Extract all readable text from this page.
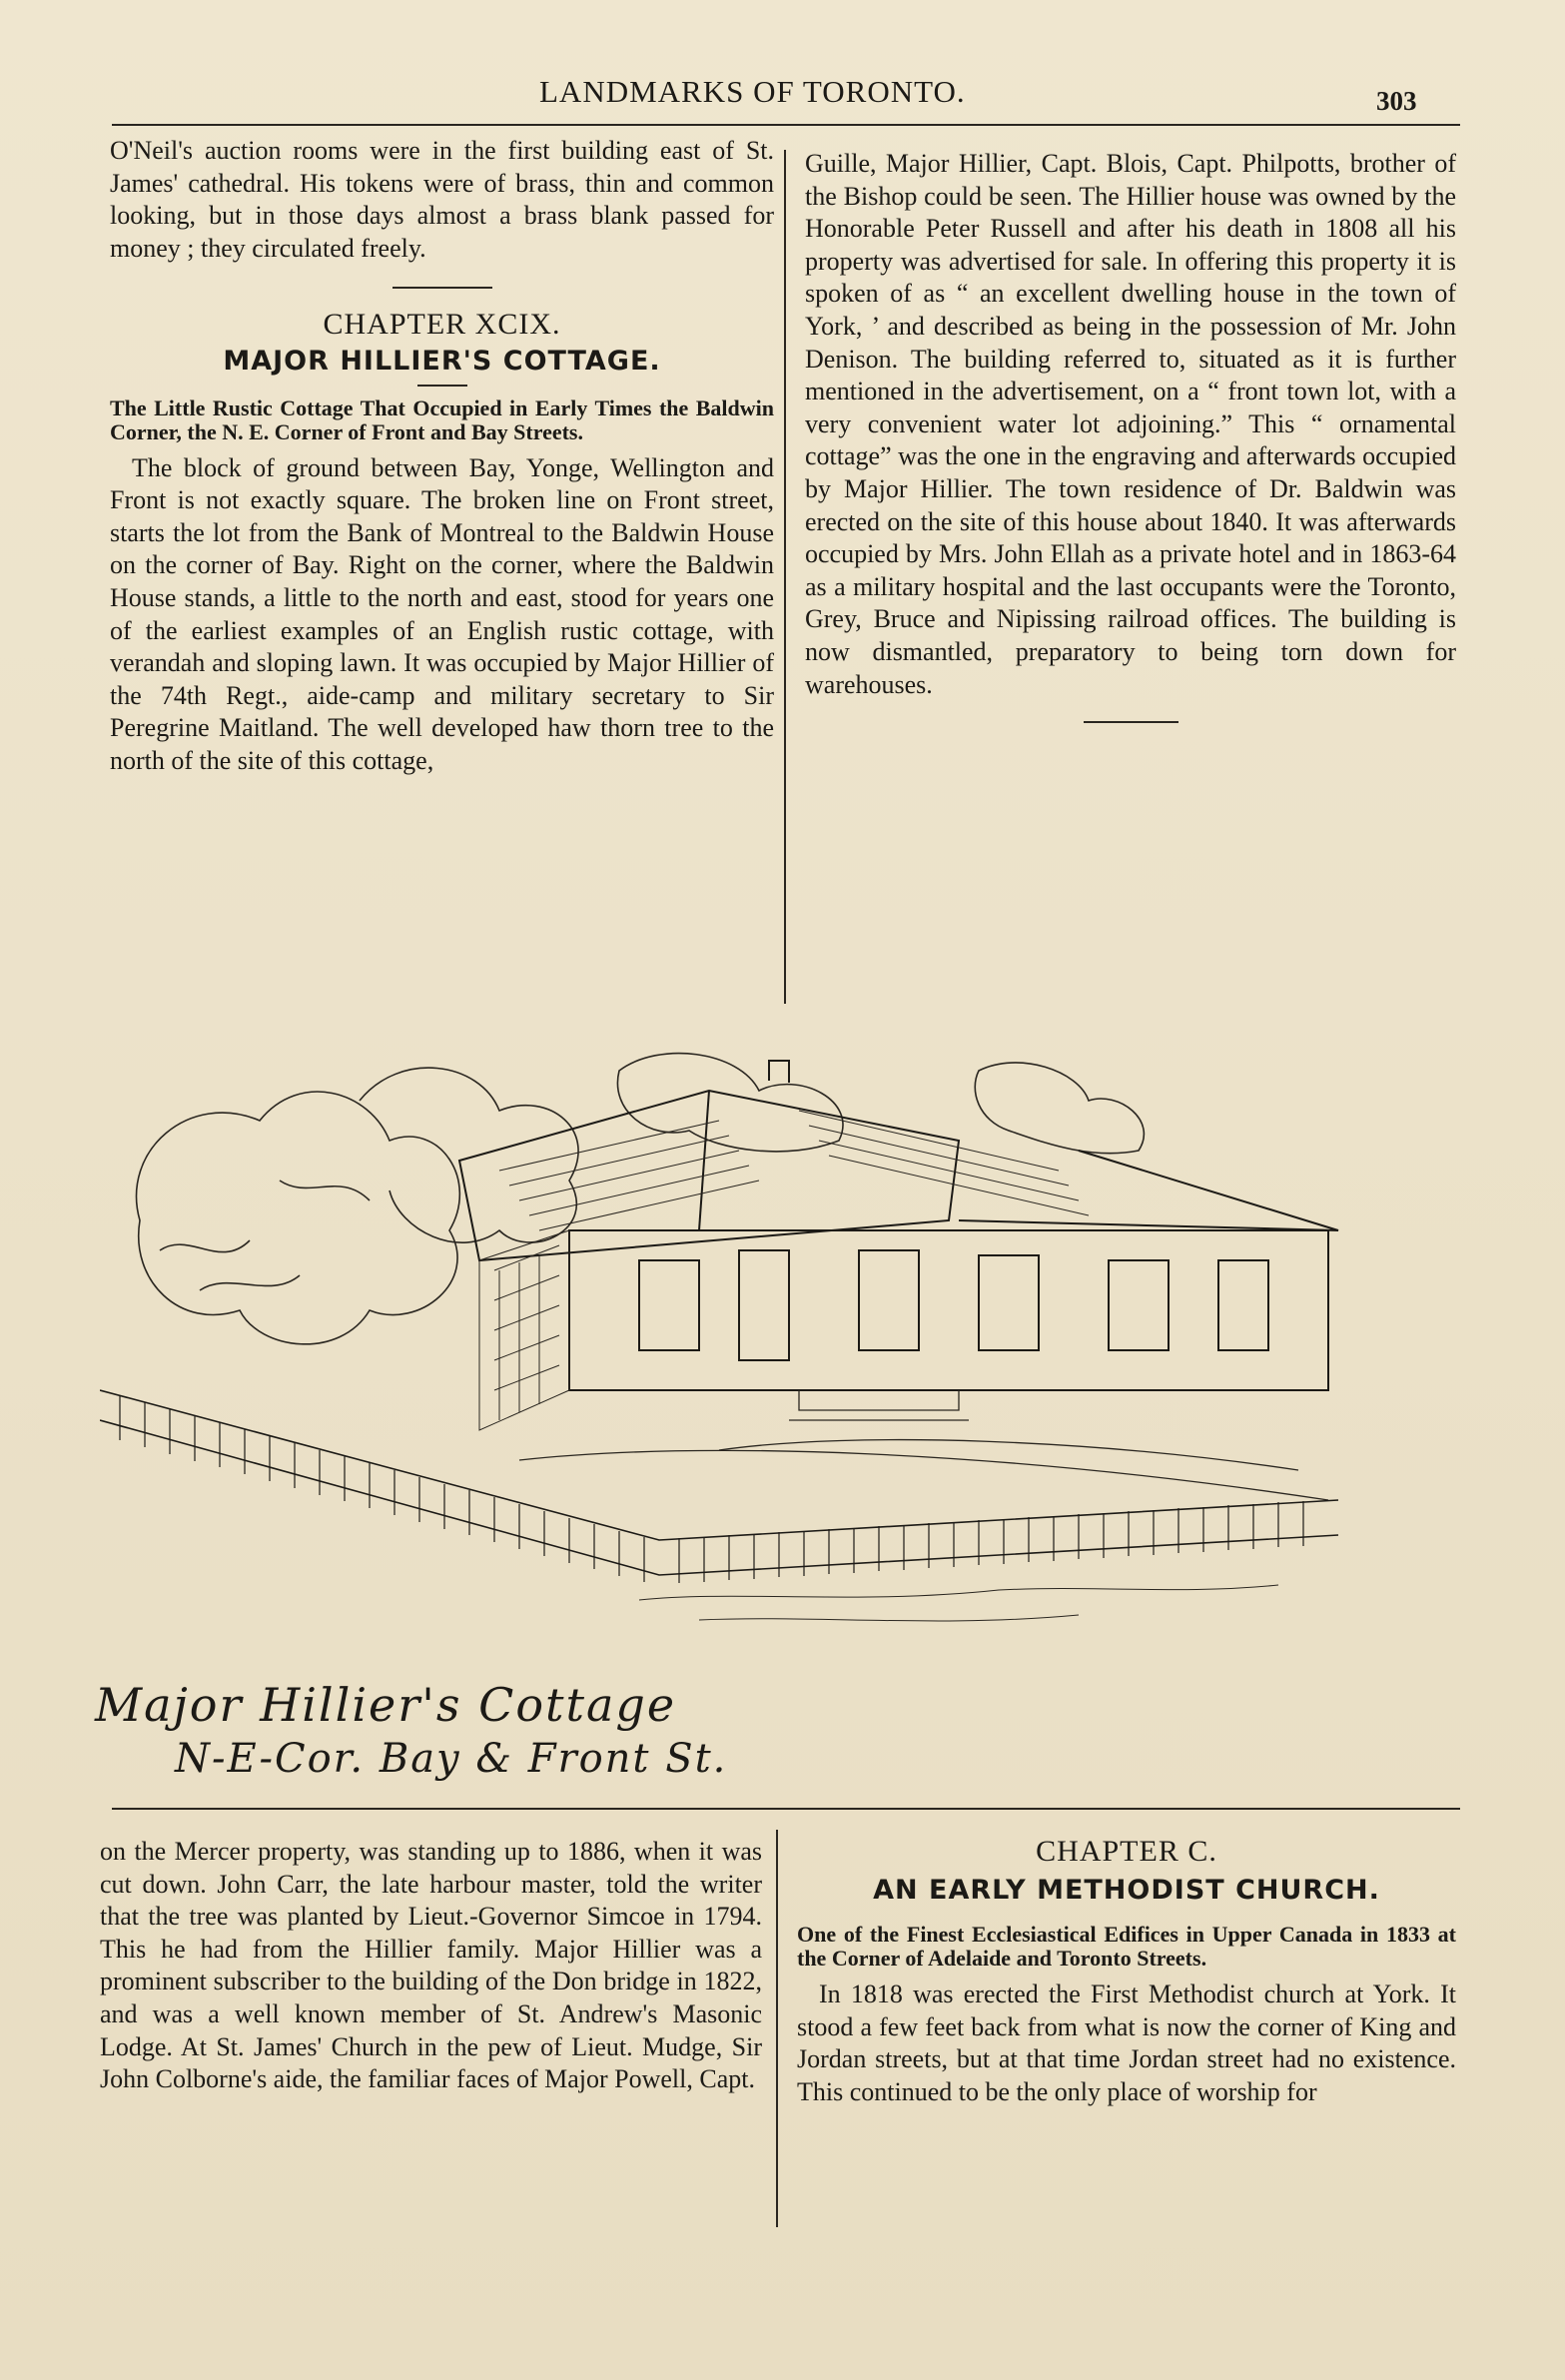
LANDMARKS OF TORONTO.	303

O'Neil's auction rooms were in the first building east of St. James' cathedral. His tokens were of brass, thin and common looking, but in those days almost a brass blank passed for money ; they circulated freely.

CHAPTER XCIX.
MAJOR HILLIER'S COTTAGE.
The Little Rustic Cottage That Occupied in Early Times the Baldwin Corner, the N. E. Corner of Front and Bay Streets.

The block of ground between Bay, Yonge, Wellington and Front is not exactly square. The broken line on Front street, starts the lot from the Bank of Montreal to the Baldwin House on the corner of Bay. Right on the corner, where the Baldwin House stands, a little to the north and east, stood for years one of the earliest examples of an English rustic cottage, with verandah and sloping lawn. It was occupied by Major Hillier of the 74th Regt., aide-camp and military secretary to Sir Peregrine Maitland. The well developed haw thorn tree to the north of the site of this cottage,

Guille, Major Hillier, Capt. Blois, Capt. Philpotts, brother of the Bishop could be seen. The Hillier house was owned by the Honorable Peter Russell and after his death in 1808 all his property was advertised for sale. In offering this property it is spoken of as “ an excellent dwelling house in the town of York, ’ and described as being in the possession of Mr. John Denison. The building referred to, situated as it is further mentioned in the advertisement, on a “ front town lot, with a very convenient water lot adjoining.” This “ ornamental cottage” was the one in the engraving and afterwards occupied by Major Hillier. The town residence of Dr. Baldwin was erected on the site of this house about 1840. It was afterwards occupied by Mrs. John Ellah as a private hotel and in 1863-64 as a military hospital and the last occupants were the Toronto, Grey, Bruce and Nipissing railroad offices. The building is now dismantled, preparatory to being torn down for warehouses.

Major Hillier's Cottage
N-E-Cor. Bay & Front St.

on the Mercer property, was standing up to 1886, when it was cut down. John Carr, the late harbour master, told the writer that the tree was planted by Lieut.-Governor Simcoe in 1794. This he had from the Hillier family. Major Hillier was a prominent subscriber to the building of the Don bridge in 1822, and was a well known member of St. Andrew's Masonic Lodge. At St. James' Church in the pew of Lieut. Mudge, Sir John Colborne's aide, the familiar faces of Major Powell, Capt.

CHAPTER C.
AN EARLY METHODIST CHURCH.
One of the Finest Ecclesiastical Edifices in Upper Canada in 1833 at the Corner of Adelaide and Toronto Streets.

In 1818 was erected the First Methodist church at York. It stood a few feet back from what is now the corner of King and Jordan streets, but at that time Jordan street had no existence. This continued to be the only place of worship for
